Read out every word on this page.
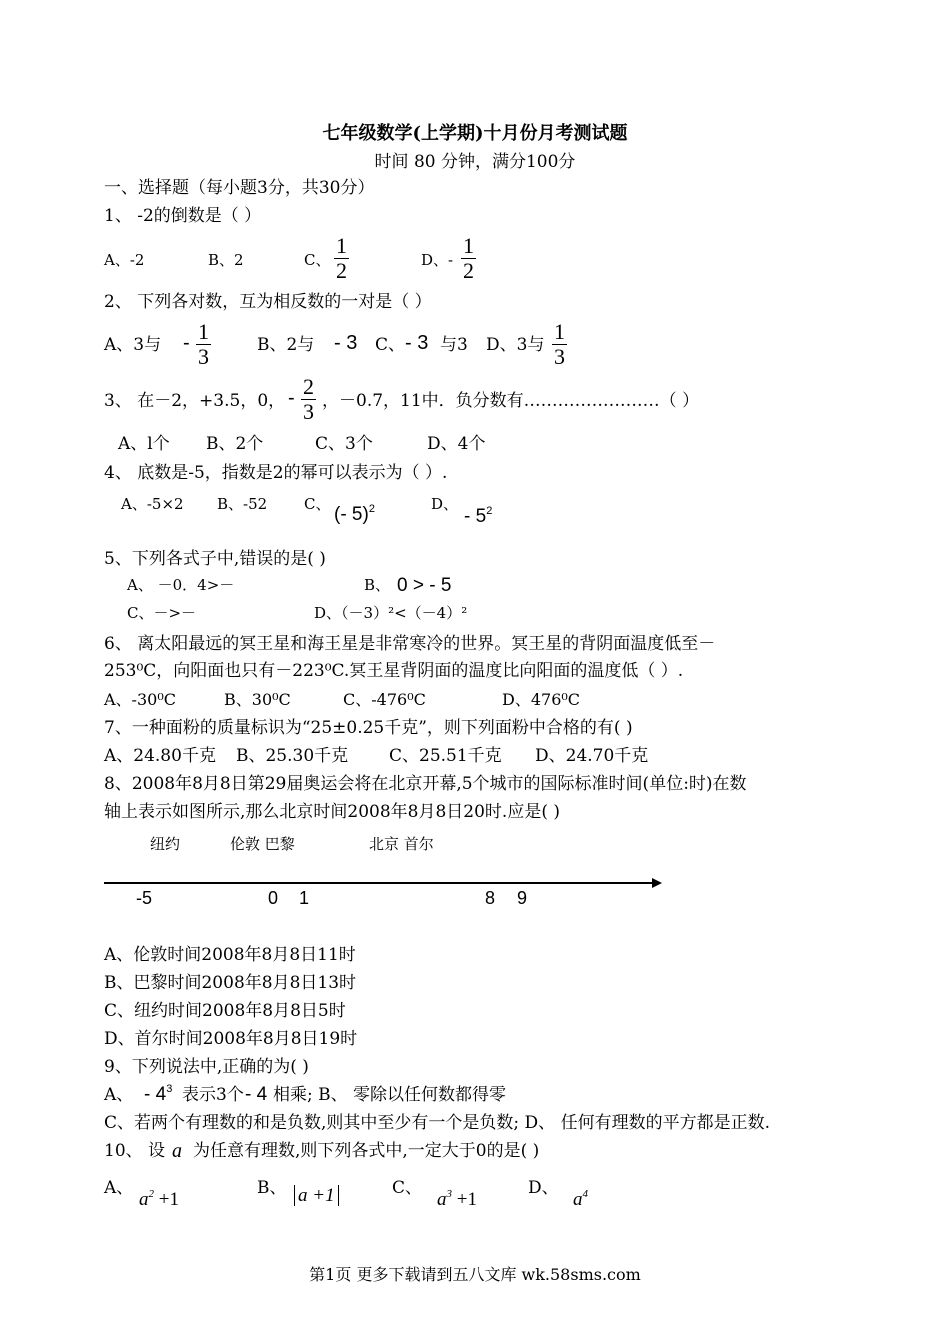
七年级数学(上学期)十月份月考测试题
时间 80 分钟，满分100分
一、选择题（每小题3分，共30分）
1、 -2的倒数是（ ）
A、-2	B、2	C、 $\frac{1}{2}$	D、- $\frac{1}{2}$
2、 下列各对数，互为相反数的一对是（ ）
A、3与 - $\frac{1}{3}$	B、2与 - 3 C、 - 3 与3 D、3与 $\frac{1}{3}$
3、 在－2，+3.5，0， - $\frac{2}{3}$ ，－0.7，11中．负分数有……………………（ ）
A、l个 B、2个	C、3个	D、4个
4、 底数是-5，指数是2的幂可以表示为（ ）.
A、-5×2 B、-52 C、 (- 5)$^2$	D、
- $5^2$
5、下列各式子中,错误的是( )
A、 －0．4>－	B、 0 > - 5
C、－>－	D、（－3）²<（－4）²
6、 离太阳最远的冥王星和海王星是非常寒冷的世界。冥王星的背阴面温度低至－
253⁰C，向阳面也只有－223⁰C.冥王星背阴面的温度比向阳面的温度低（ ）.
A、-30⁰C	B、30⁰C	C、-476⁰C	D、476⁰C
7、一种面粉的质量标识为“25±0.25千克”，则下列面粉中合格的有( )
A、24.80千克 B、25.30千克 C、25.51千克 D、24.70千克
8、2008年8月8日第29届奥运会将在北京开幕,5个城市的国际标准时间(单位:时)在数
轴上表示如图所示,那么北京时间2008年8月8日20时.应是( )
纽约	伦敦 巴黎	北京 首尔
-5	0 1	8 9
A、伦敦时间2008年8月8日11时
B、巴黎时间2008年8月8日13时
C、纽约时间2008年8月8日5时
D、首尔时间2008年8月8日19时
9、下列说法中,正确的为( )
A、 - $4^3$ 表示3个 - 4 相乘; B、 零除以任何数都得零
C、若两个有理数的和是负数,则其中至少有一个是负数; D、 任何有理数的平方都是正数.
10、 设 a 为任意有理数,则下列各式中,一定大于0的是( )
A、
$a^2 +1$
B、 a +1	C、
$a^3 +1$
D、
$a^4$
第1页 更多下载请到五八文库 wk.58sms.com
